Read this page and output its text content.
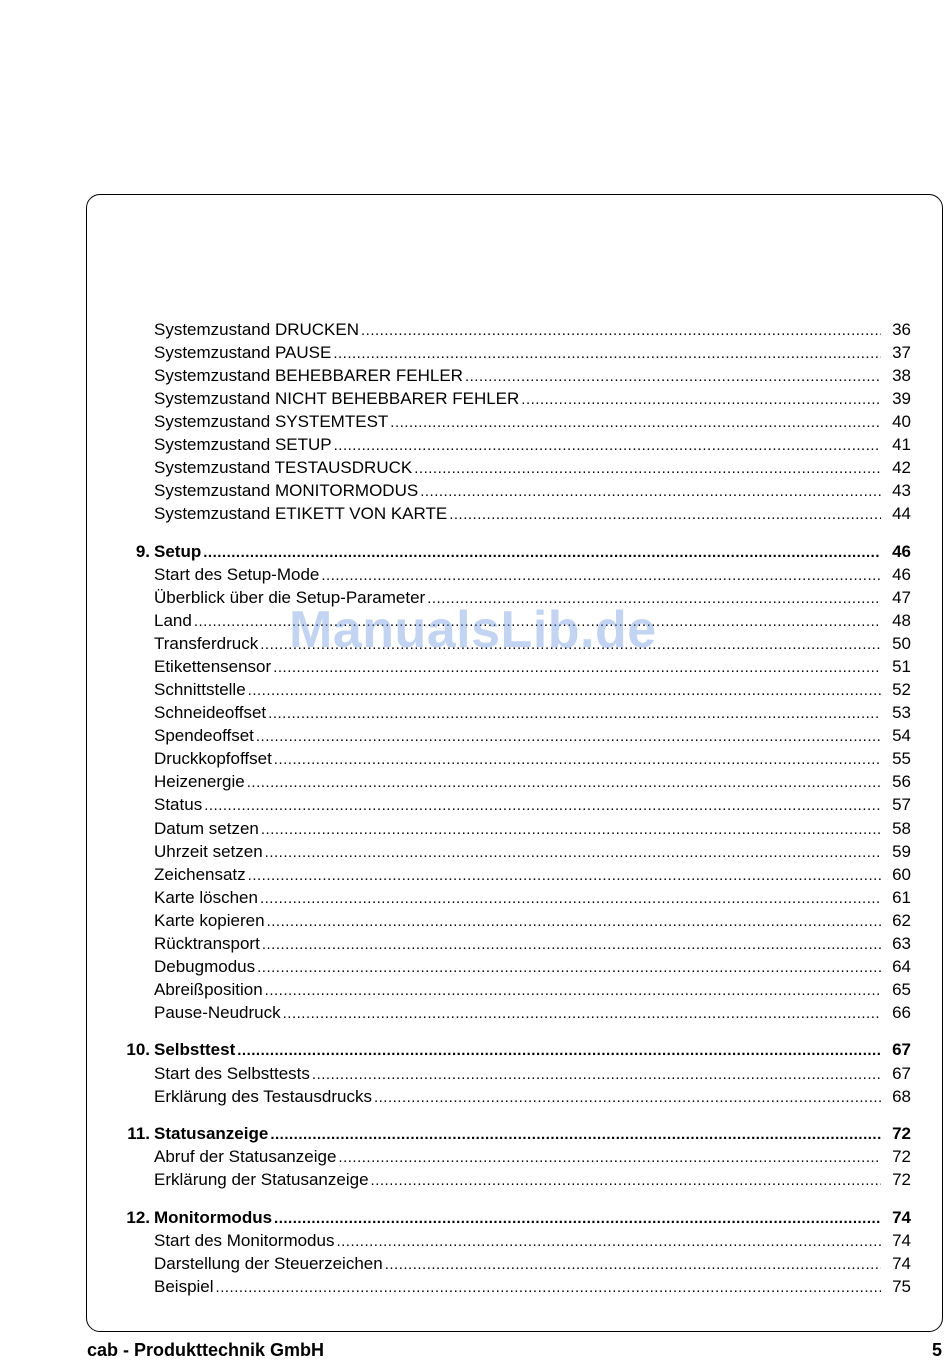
Systemzustand DRUCKEN .....	36
Systemzustand PAUSE .....	37
Systemzustand BEHEBBARER FEHLER .....	38
Systemzustand NICHT BEHEBBARER FEHLER .....	39
Systemzustand SYSTEMTEST .....	40
Systemzustand SETUP .....	41
Systemzustand TESTAUSDRUCK .....	42
Systemzustand MONITORMODUS .....	43
Systemzustand ETIKETT VON KARTE .....	44
9. Setup .....	46
Start des Setup-Mode .....	46
Überblick über die Setup-Parameter .....	47
Land .....	48
Transferdruck .....	50
Etikettensensor .....	51
Schnittstelle .....	52
Schneideoffset .....	53
Spendeoffset .....	54
Druckkopfoffset .....	55
Heizenergie .....	56
Status .....	57
Datum setzen .....	58
Uhrzeit setzen .....	59
Zeichensatz .....	60
Karte löschen .....	61
Karte kopieren .....	62
Rücktransport .....	63
Debugmodus .....	64
Abreißposition .....	65
Pause-Neudruck .....	66
10. Selbsttest .....	67
Start des Selbsttests .....	67
Erklärung des Testausdrucks .....	68
11. Statusanzeige .....	72
Abruf der Statusanzeige .....	72
Erklärung der Statusanzeige .....	72
12. Monitormodus .....	74
Start des Monitormodus .....	74
Darstellung der Steuerzeichen .....	74
Beispiel .....	75
ManualsLib.de
cab - Produkttechnik GmbH	5
